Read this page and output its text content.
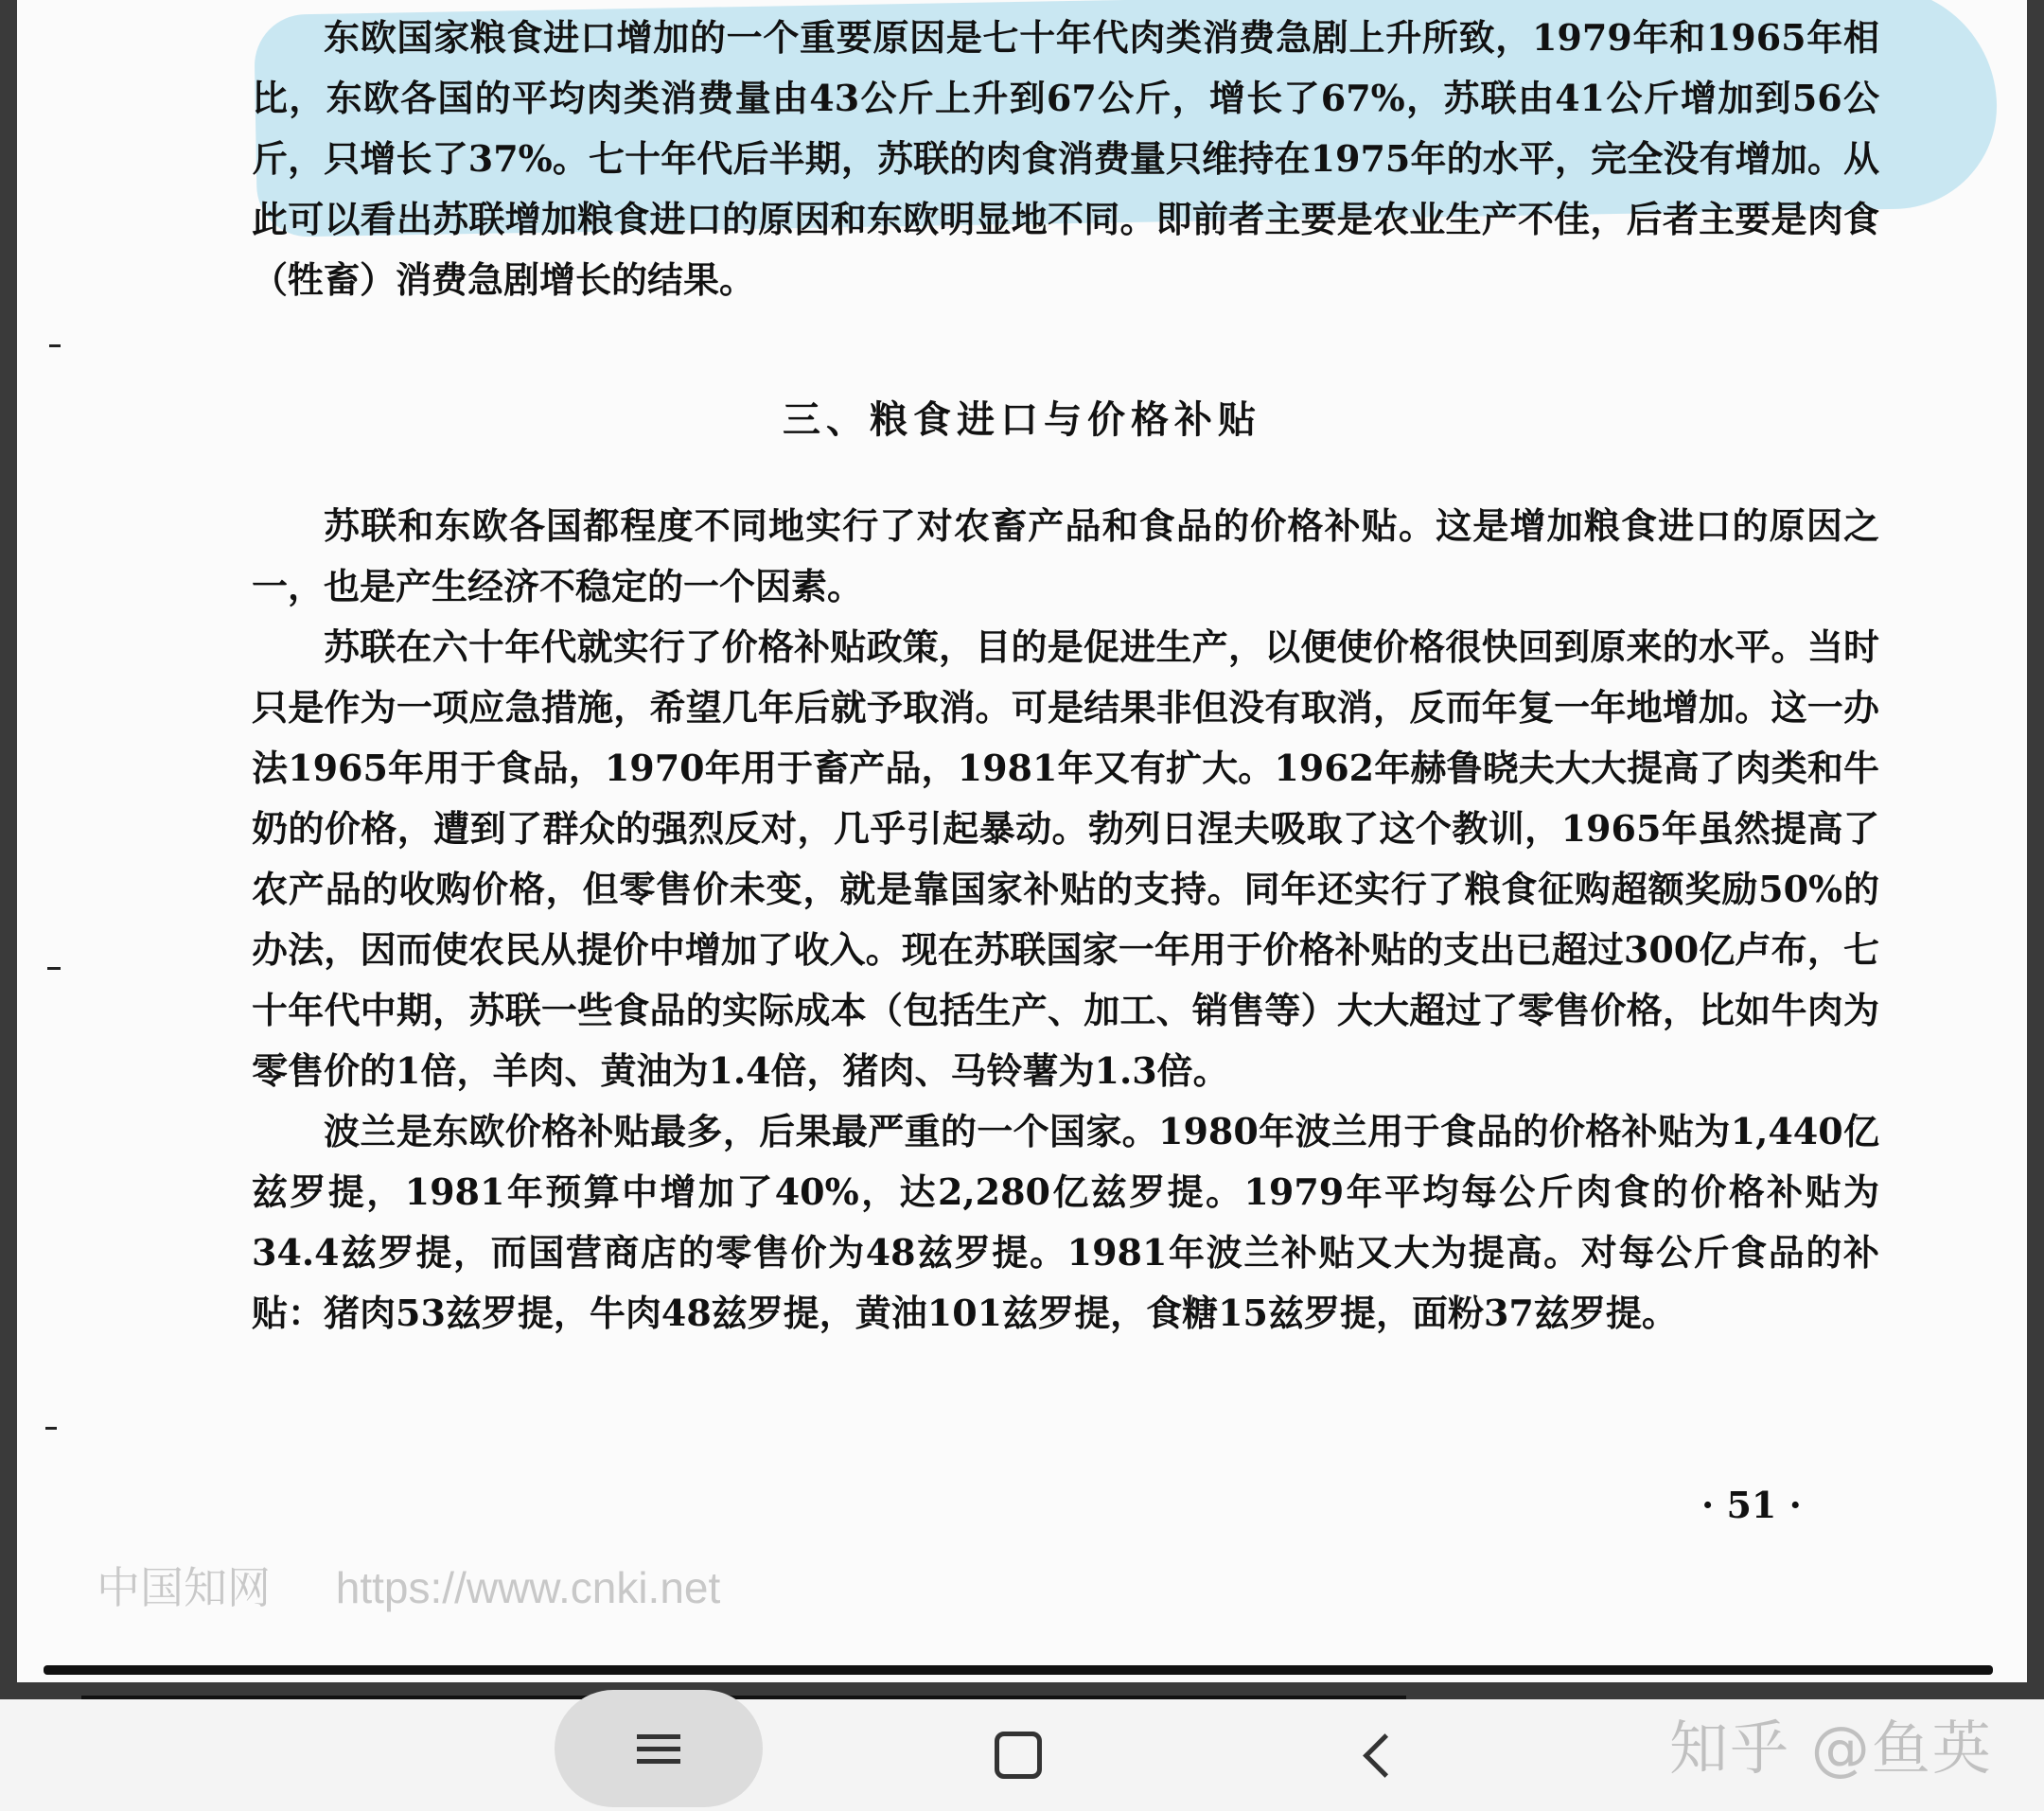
东欧国家粮食进口增加的一个重要原因是七十年代肉类消费急剧上升所致，1979年和1965年相比，东欧各国的平均肉类消费量由43公斤上升到67公斤，增长了67%，苏联由41公斤增加到56公斤，只增长了37%。七十年代后半期，苏联的肉食消费量只维持在1975年的水平，完全没有增加。从此可以看出苏联增加粮食进口的原因和东欧明显地不同。即前者主要是农业生产不佳，后者主要是肉食（牲畜）消费急剧增长的结果。

三、粮食进口与价格补贴

苏联和东欧各国都程度不同地实行了对农畜产品和食品的价格补贴。这是增加粮食进口的原因之一，也是产生经济不稳定的一个因素。

苏联在六十年代就实行了价格补贴政策，目的是促进生产，以便使价格很快回到原来的水平。当时只是作为一项应急措施，希望几年后就予取消。可是结果非但没有取消，反而年复一年地增加。这一办法1965年用于食品，1970年用于畜产品，1981年又有扩大。1962年赫鲁晓夫大大提高了肉类和牛奶的价格，遭到了群众的强烈反对，几乎引起暴动。勃列日涅夫吸取了这个教训，1965年虽然提高了农产品的收购价格，但零售价未变，就是靠国家补贴的支持。同年还实行了粮食征购超额奖励50%的办法，因而使农民从提价中增加了收入。现在苏联国家一年用于价格补贴的支出已超过300亿卢布，七十年代中期，苏联一些食品的实际成本（包括生产、加工、销售等）大大超过了零售价格，比如牛肉为零售价的1倍，羊肉、黄油为1.4倍，猪肉、马铃薯为1.3倍。

波兰是东欧价格补贴最多，后果最严重的一个国家。1980年波兰用于食品的价格补贴为1,440亿兹罗提，1981年预算中增加了40%，达2,280亿兹罗提。1979年平均每公斤肉食的价格补贴为34.4兹罗提，而国营商店的零售价为48兹罗提。1981年波兰补贴又大为提高。对每公斤食品的补贴：猪肉53兹罗提，牛肉48兹罗提，黄油101兹罗提，食糖15兹罗提，面粉37兹罗提。

· 51 ·
中国知网 https://www.cnki.net
知乎 @鱼英
